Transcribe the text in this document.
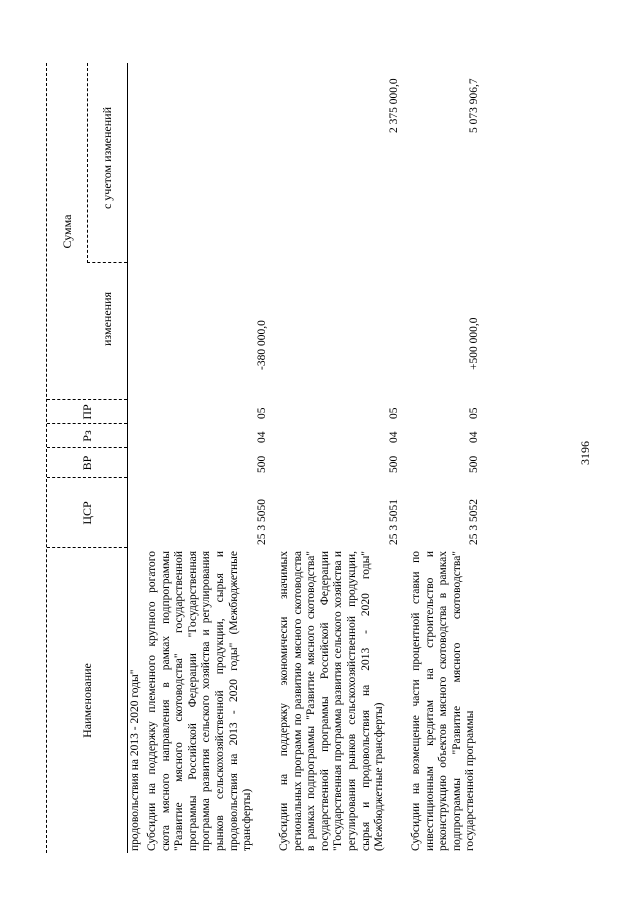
3196
Наименование
ЦСР
ВР
Рз
ПР
Сумма
изменения
с учетом изменений
продовольствия на 2013 - 2020 годы" Субсидии на поддержку племенного крупного рогатого скота мясного направления в рамках подпрограммы "Развитие мясного скотоводства" государственной программы Российской Федерации "Государственная программа развития сельского хозяйства и регулирования рынков сельскохозяйственной продукции, сырья и продовольствия на 2013 - 2020 годы" (Межбюджетные трансферты)
25 3 5050
500
04
05
-380 000,0
Субсидии на поддержку экономически значимых региональных программ по развитию мясного скотоводства в рамках подпрограммы "Развитие мясного скотоводства" государственной программы Российской Федерации "Государственная программа развития сельского хозяйства и регулирования рынков сельскохозяйственной продукции, сырья и продовольствия на 2013 - 2020 годы" (Межбюджетные трансферты)
25 3 5051
500
04
05
2 375 000,0
Субсидии на возмещение части процентной ставки по инвестиционным кредитам на строительство и реконструкцию объектов мясного скотоводства в рамках подпрограммы "Развитие мясного скотоводства" государственной программы
25 3 5052
500
04
05
+500 000,0
5 073 906,7
